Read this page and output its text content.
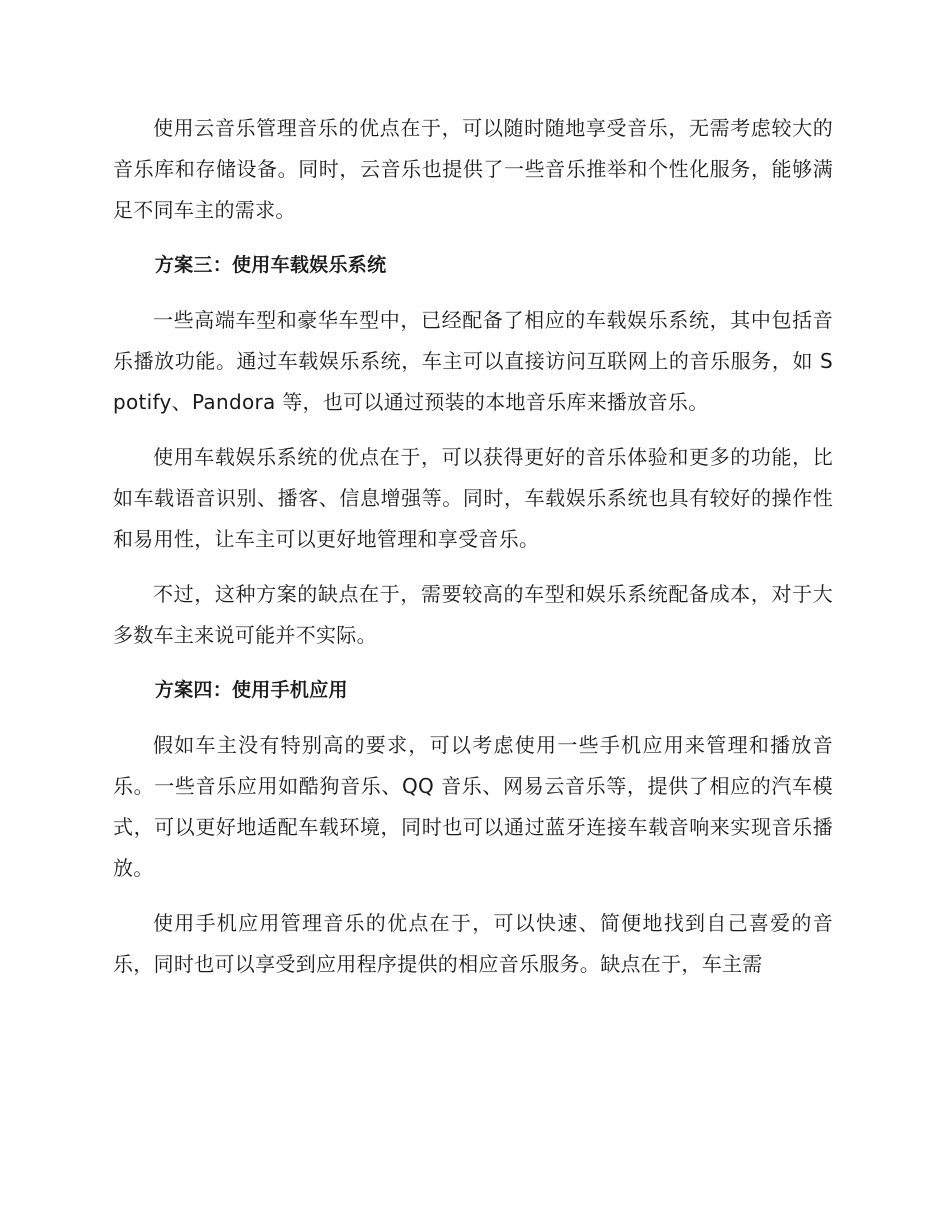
使用云音乐管理音乐的优点在于，可以随时随地享受音乐，无需考虑较大的音乐库和存储设备。同时，云音乐也提供了一些音乐推举和个性化服务，能够满足不同车主的需求。

方案三：使用车载娱乐系统

一些高端车型和豪华车型中，已经配备了相应的车载娱乐系统，其中包括音乐播放功能。通过车载娱乐系统，车主可以直接访问互联网上的音乐服务，如 Spotify、Pandora 等，也可以通过预装的本地音乐库来播放音乐。

使用车载娱乐系统的优点在于，可以获得更好的音乐体验和更多的功能，比如车载语音识别、播客、信息增强等。同时，车载娱乐系统也具有较好的操作性和易用性，让车主可以更好地管理和享受音乐。

不过，这种方案的缺点在于，需要较高的车型和娱乐系统配备成本，对于大多数车主来说可能并不实际。

方案四：使用手机应用

假如车主没有特别高的要求，可以考虑使用一些手机应用来管理和播放音乐。一些音乐应用如酷狗音乐、QQ 音乐、网易云音乐等，提供了相应的汽车模式，可以更好地适配车载环境，同时也可以通过蓝牙连接车载音响来实现音乐播放。

使用手机应用管理音乐的优点在于，可以快速、简便地找到自己喜爱的音乐，同时也可以享受到应用程序提供的相应音乐服务。缺点在于，车主需
